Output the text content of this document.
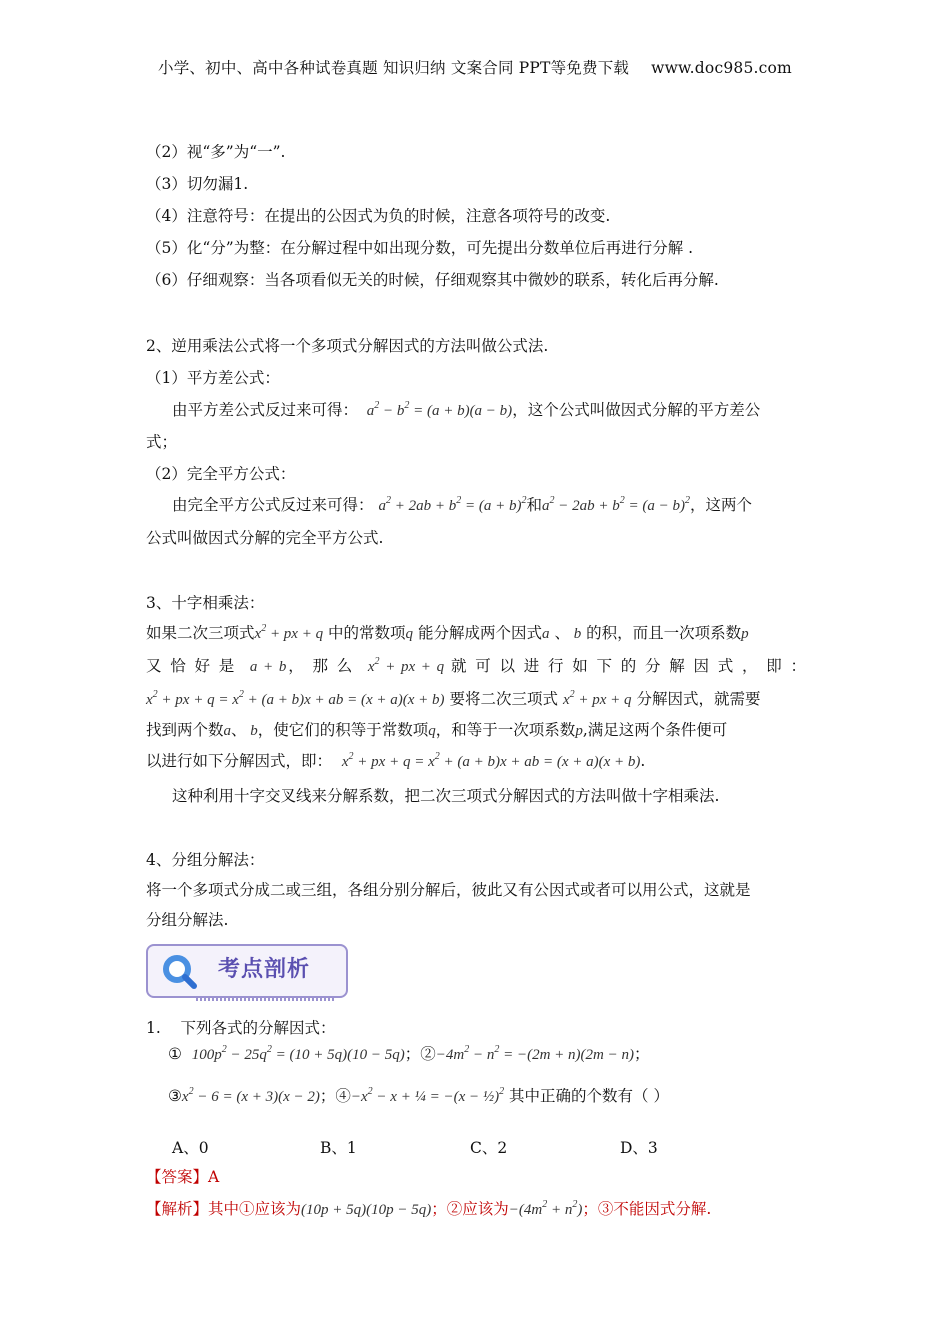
小学、初中、高中各种试卷真题 知识归纳 文案合同 PPT等免费下载 www.doc985.com
（2）视“多”为“一”.
（3）切勿漏1.
（4）注意符号：在提出的公因式为负的时候，注意各项符号的改变.
（5）化“分”为整：在分解过程中如出现分数，可先提出分数单位后再进行分解 .
（6）仔细观察：当各项看似无关的时候，仔细观察其中微妙的联系，转化后再分解.
2、逆用乘法公式将一个多项式分解因式的方法叫做公式法.
（1）平方差公式：
由平方差公式反过来可得：  $a^2 - b^2 = (a + b)(a - b)$，这个公式叫做因式分解的平方差公
式；
（2）完全平方公式：
由完全平方公式反过来可得： $a^2 + 2ab + b^2 = (a + b)^2$和$a^2 - 2ab + b^2 = (a - b)^2$，这两个
公式叫做因式分解的完全平方公式.
3、十字相乘法：
如果二次三项式$x^2$ + px + q 中的常数项q 能分解成两个因式a 、 b 的积，而且一次项系数p
又 恰 好 是 a + b， 那 么 $x^2$ + px + q 就 可 以 进 行 如 下 的 分 解 因 式 ， 即 ：
$x^2$ + px + $q = x^2 + (a + b)x$ + ab = (x + a)(x + b) 要将二次三项式 $x^2$ + px + q 分解因式，就需要
找到两个数a、 b，使它们的积等于常数项q，和等于一次项系数p,满足这两个条件便可
以进行如下分解因式，即： $x^2$ + px + $q = x^2 + (a + b)x$ + ab = (x + a)(x + b).
这种利用十字交叉线来分解系数，把二次三项式分解因式的方法叫做十字相乘法.
4、分组分解法：
将一个多项式分成二或三组，各组分别分解后，彼此又有公因式或者可以用公式，这就是
分组分解法.
考点剖析
1. 下列各式的分解因式：
① $100p^2 - 25q^2 = (10 + 5q)(10 - 5q)$；$②-4m^2 - n^2 = -(2m + n)(2m - n)$；
$③x^2 - 6 = (x + 3)(x - 2)$；$④-x^2 - x$ + ¼ = −(x − ½)$^2$ 其中正确的个数有（ ）
A、0	B、1	C、2	D、3
【答案】A
【解析】其中①应该为(10p + 5q)(10p − 5q)；②应该为$-(4m^2 + n^2)$；③不能因式分解.
